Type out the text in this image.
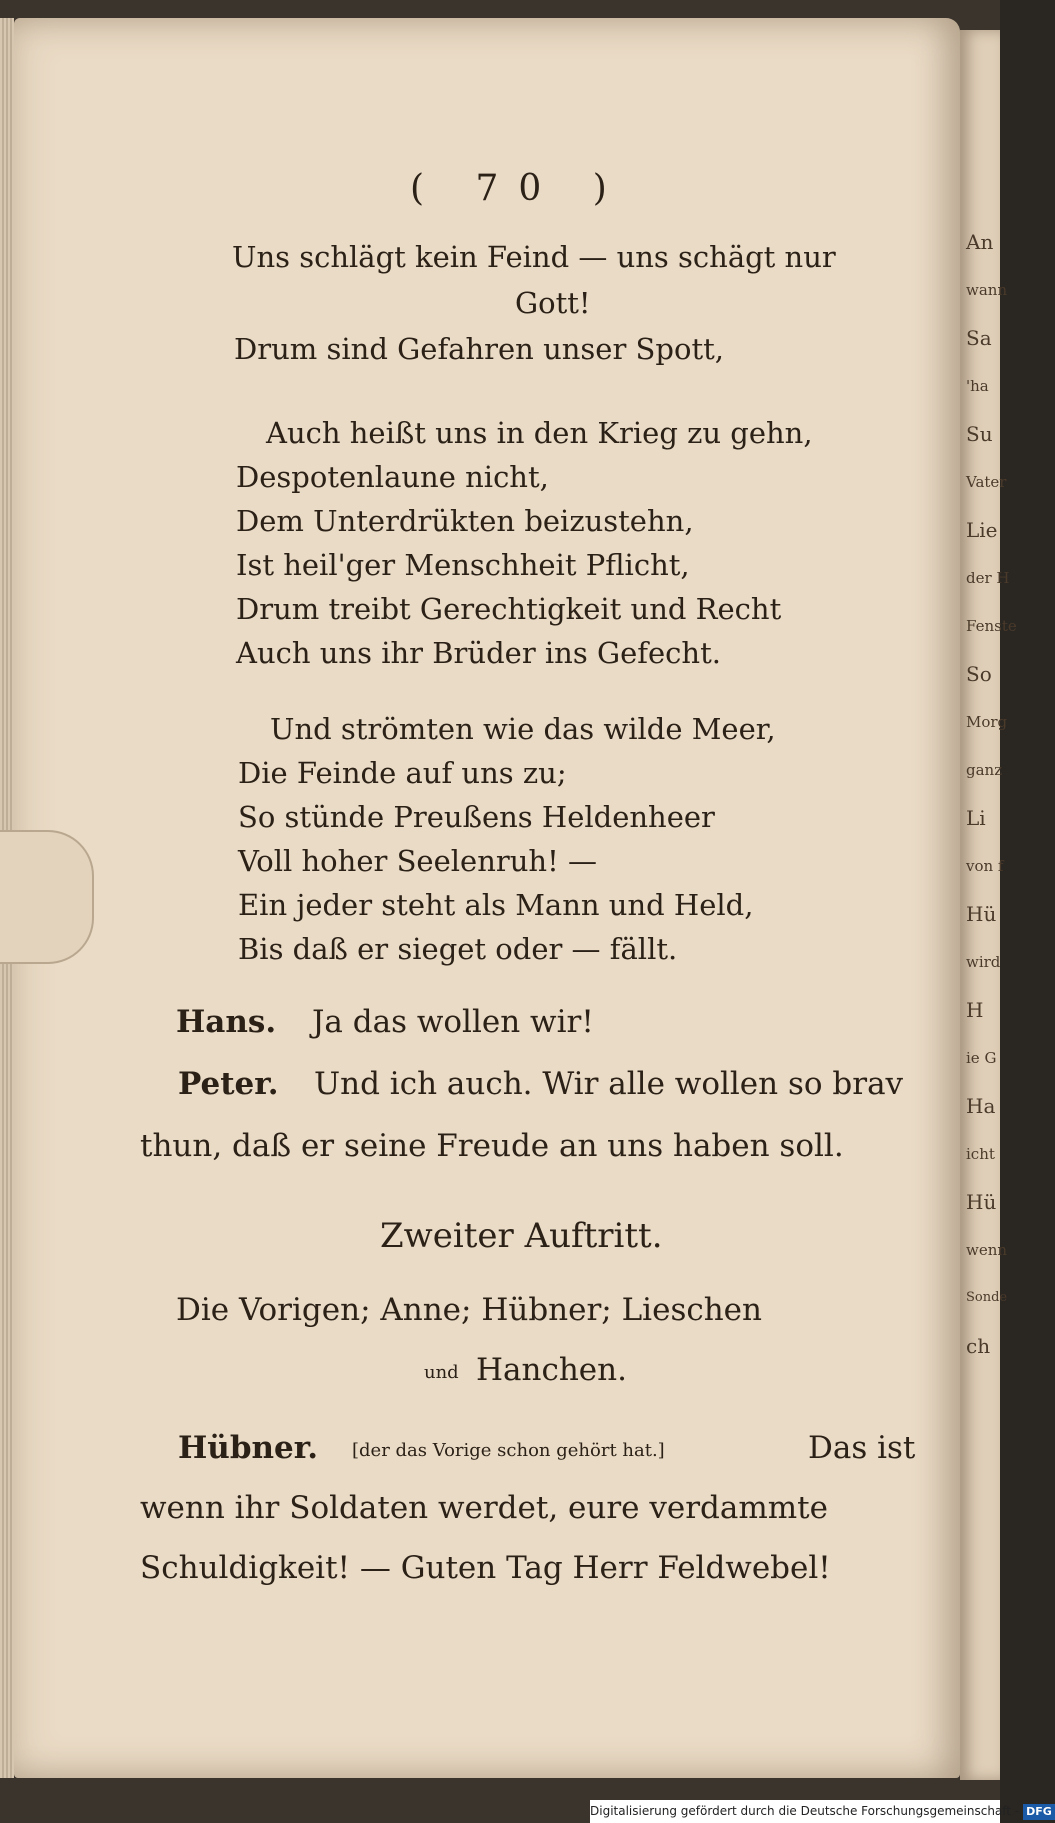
An
wann
Sa
'ha
Su
Vater
Lie
der H
Fenste
So
Morg
ganz
Li
von f
Hü
wird
H
ie G
Ha
icht
Hü
wenn
Sonde
ch
( 70 )
Uns schlägt kein Feind — uns schägt nur
Gott!
Drum sind Gefahren unser Spott,
Auch heißt uns in den Krieg zu gehn,
Despotenlaune nicht,
Dem Unterdrükten beizustehn,
Ist heil'ger Menschheit Pflicht,
Drum treibt Gerechtigkeit und Recht
Auch uns ihr Brüder ins Gefecht.
Und strömten wie das wilde Meer,
Die Feinde auf uns zu;
So stünde Preußens Heldenheer
Voll hoher Seelenruh! —
Ein jeder steht als Mann und Held,
Bis daß er sieget oder — fällt.
Hans. Ja das wollen wir!
Peter. Und ich auch. Wir alle wollen so brav
thun, daß er seine Freude an uns haben soll.
Zweiter Auftritt.
Die Vorigen; Anne; Hübner; Lieschen
und Hanchen.
Hübner. [der das Vorige schon gehört hat.]	Das ist
wenn ihr Soldaten werdet, eure verdammte
Schuldigkeit! — Guten Tag Herr Feldwebel!
Digitalisierung gefördert durch die Deutsche Forschungsgemeinschaft - DFG
